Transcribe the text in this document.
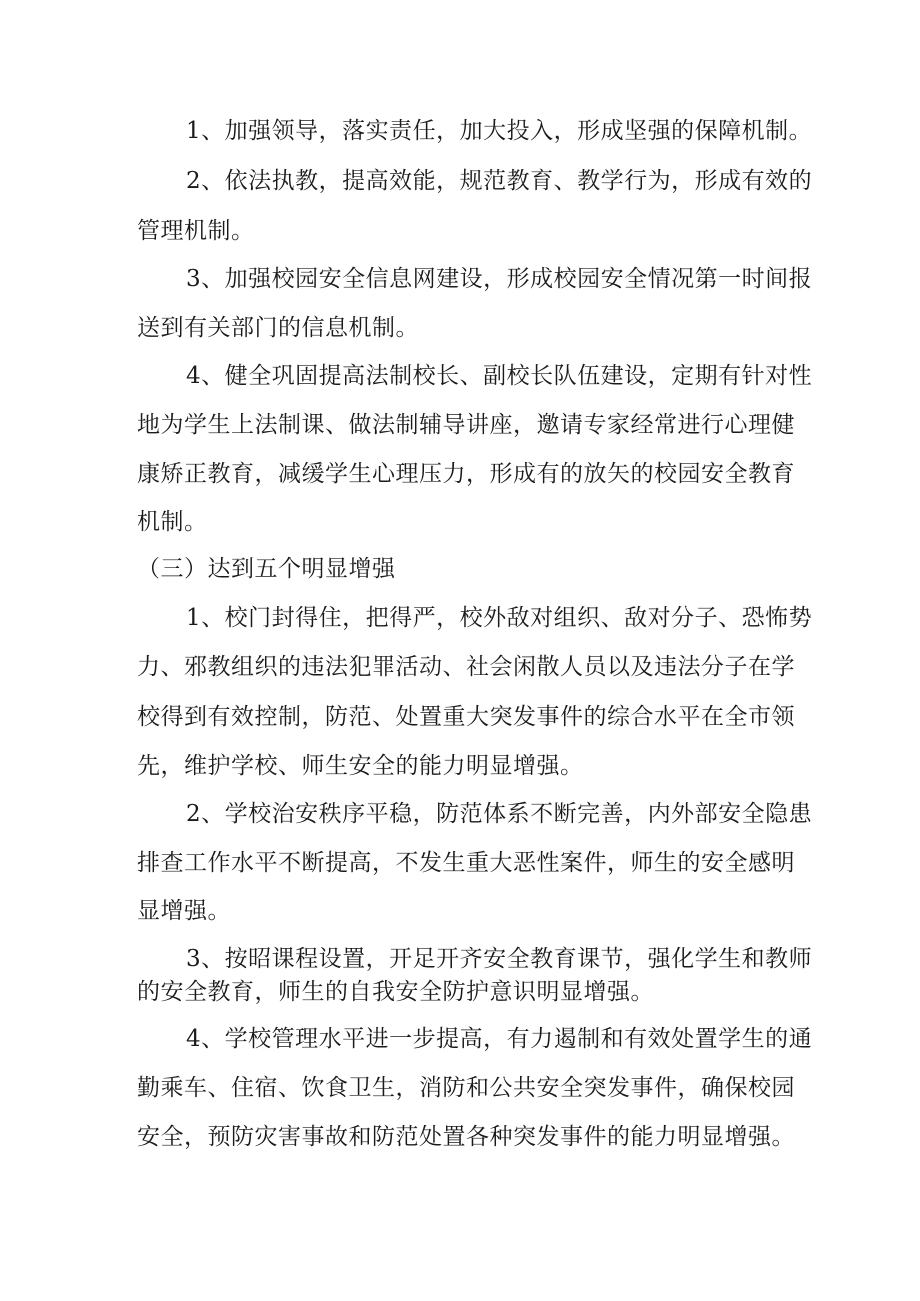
1、加强领导，落实责任，加大投入，形成坚强的保障机制。
2、依法执教，提高效能，规范教育、教学行为，形成有效的
管理机制。
3、加强校园安全信息网建设，形成校园安全情况第一时间报
送到有关部门的信息机制。
4、健全巩固提高法制校长、副校长队伍建设，定期有针对性
地为学生上法制课、做法制辅导讲座，邀请专家经常进行心理健
康矫正教育，减缓学生心理压力，形成有的放矢的校园安全教育
机制。
（三）达到五个明显增强
1、校门封得住，把得严，校外敌对组织、敌对分子、恐怖势
力、邪教组织的违法犯罪活动、社会闲散人员以及违法分子在学
校得到有效控制，防范、处置重大突发事件的综合水平在全市领
先，维护学校、师生安全的能力明显增强。
2、学校治安秩序平稳，防范体系不断完善，内外部安全隐患
排查工作水平不断提高，不发生重大恶性案件，师生的安全感明
显增强。
3、按昭课程设置，开足开齐安全教育课节，强化学生和教师
的安全教育，师生的自我安全防护意识明显增强。
4、学校管理水平进一步提高，有力遏制和有效处置学生的通
勤乘车、住宿、饮食卫生，消防和公共安全突发事件，确保校园
安全，预防灾害事故和防范处置各种突发事件的能力明显增强。
